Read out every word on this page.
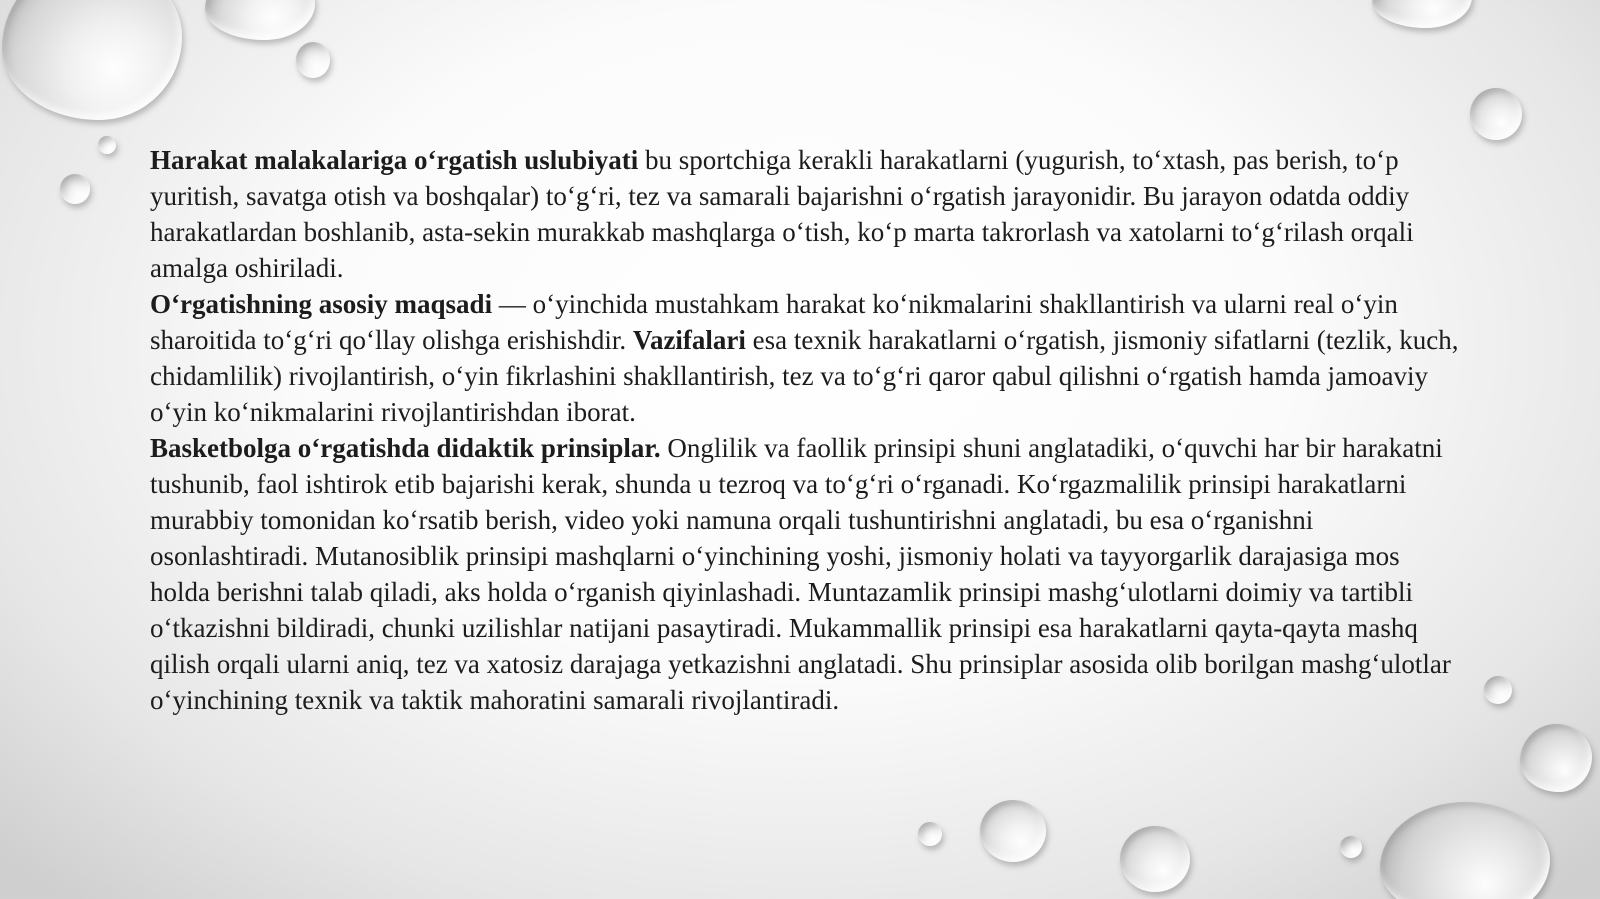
Harakat malakalariga o‘rgatish uslubiyati bu sportchiga kerakli harakatlarni (yugurish, to‘xtash, pas berish, to‘p yuritish, savatga otish va boshqalar) to‘g‘ri, tez va samarali bajarishni o‘rgatish jarayonidir. Bu jarayon odatda oddiy harakatlardan boshlanib, asta-sekin murakkab mashqlarga o‘tish, ko‘p marta takrorlash va xatolarni to‘g‘rilash orqali amalga oshiriladi.

O‘rgatishning asosiy maqsadi — o‘yinchida mustahkam harakat ko‘nikmalarini shakllantirish va ularni real o‘yin sharoitida to‘g‘ri qo‘llay olishga erishishdir. Vazifalari esa texnik harakatlarni o‘rgatish, jismoniy sifatlarni (tezlik, kuch, chidamlilik) rivojlantirish, o‘yin fikrlashini shakllantirish, tez va to‘g‘ri qaror qabul qilishni o‘rgatish hamda jamoaviy o‘yin ko‘nikmalarini rivojlantirishdan iborat.

Basketbolga o‘rgatishda didaktik prinsiplar. Onglilik va faollik prinsipi shuni anglatadiki, o‘quvchi har bir harakatni tushunib, faol ishtirok etib bajarishi kerak, shunda u tezroq va to‘g‘ri o‘rganadi. Ko‘rgazmalilik prinsipi harakatlarni murabbiy tomonidan ko‘rsatib berish, video yoki namuna orqali tushuntirishni anglatadi, bu esa o‘rganishni osonlashtiradi. Mutanosiblik prinsipi mashqlarni o‘yinchining yoshi, jismoniy holati va tayyorgarlik darajasiga mos holda berishni talab qiladi, aks holda o‘rganish qiyinlashadi. Muntazamlik prinsipi mashg‘ulotlarni doimiy va tartibli o‘tkazishni bildiradi, chunki uzilishlar natijani pasaytiradi. Mukammallik prinsipi esa harakatlarni qayta-qayta mashq qilish orqali ularni aniq, tez va xatosiz darajaga yetkazishni anglatadi. Shu prinsiplar asosida olib borilgan mashg‘ulotlar o‘yinchining texnik va taktik mahoratini samarali rivojlantiradi.
